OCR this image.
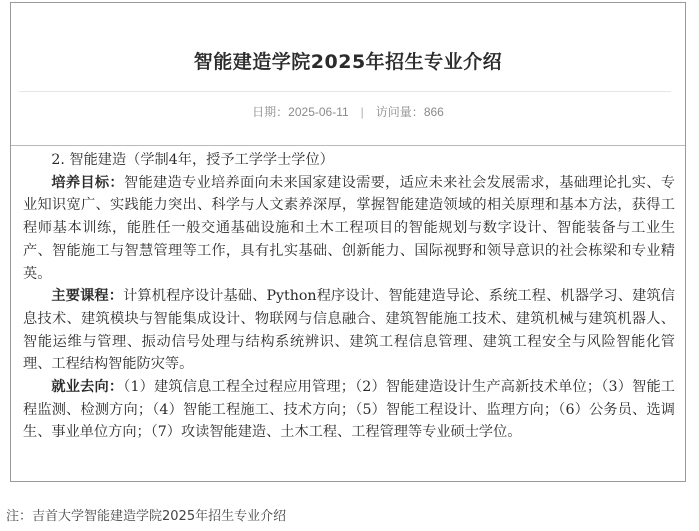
智能建造学院2025年招生专业介绍
日期：2025-06-11 | 访问量：866

2. 智能建造（学制4年，授予工学学士学位）

培养目标：智能建造专业培养面向未来国家建设需要，适应未来社会发展需求，基础理论扎实、专业知识宽广、实践能力突出、科学与人文素养深厚，掌握智能建造领域的相关原理和基本方法，获得工程师基本训练，能胜任一般交通基础设施和土木工程项目的智能规划与数字设计、智能装备与工业生产、智能施工与智慧管理等工作，具有扎实基础、创新能力、国际视野和领导意识的社会栋梁和专业精英。

主要课程：计算机程序设计基础、Python程序设计、智能建造导论、系统工程、机器学习、建筑信息技术、建筑模块与智能集成设计、物联网与信息融合、建筑智能施工技术、建筑机械与建筑机器人、智能运维与管理、振动信号处理与结构系统辨识、建筑工程信息管理、建筑工程安全与风险智能化管理、工程结构智能防灾等。

就业去向：（1）建筑信息工程全过程应用管理；（2）智能建造设计生产高新技术单位；（3）智能工程监测、检测方向；（4）智能工程施工、技术方向；（5）智能工程设计、监理方向；（6）公务员、选调生、事业单位方向；（7）攻读智能建造、土木工程、工程管理等专业硕士学位。

注：吉首大学智能建造学院2025年招生专业介绍
